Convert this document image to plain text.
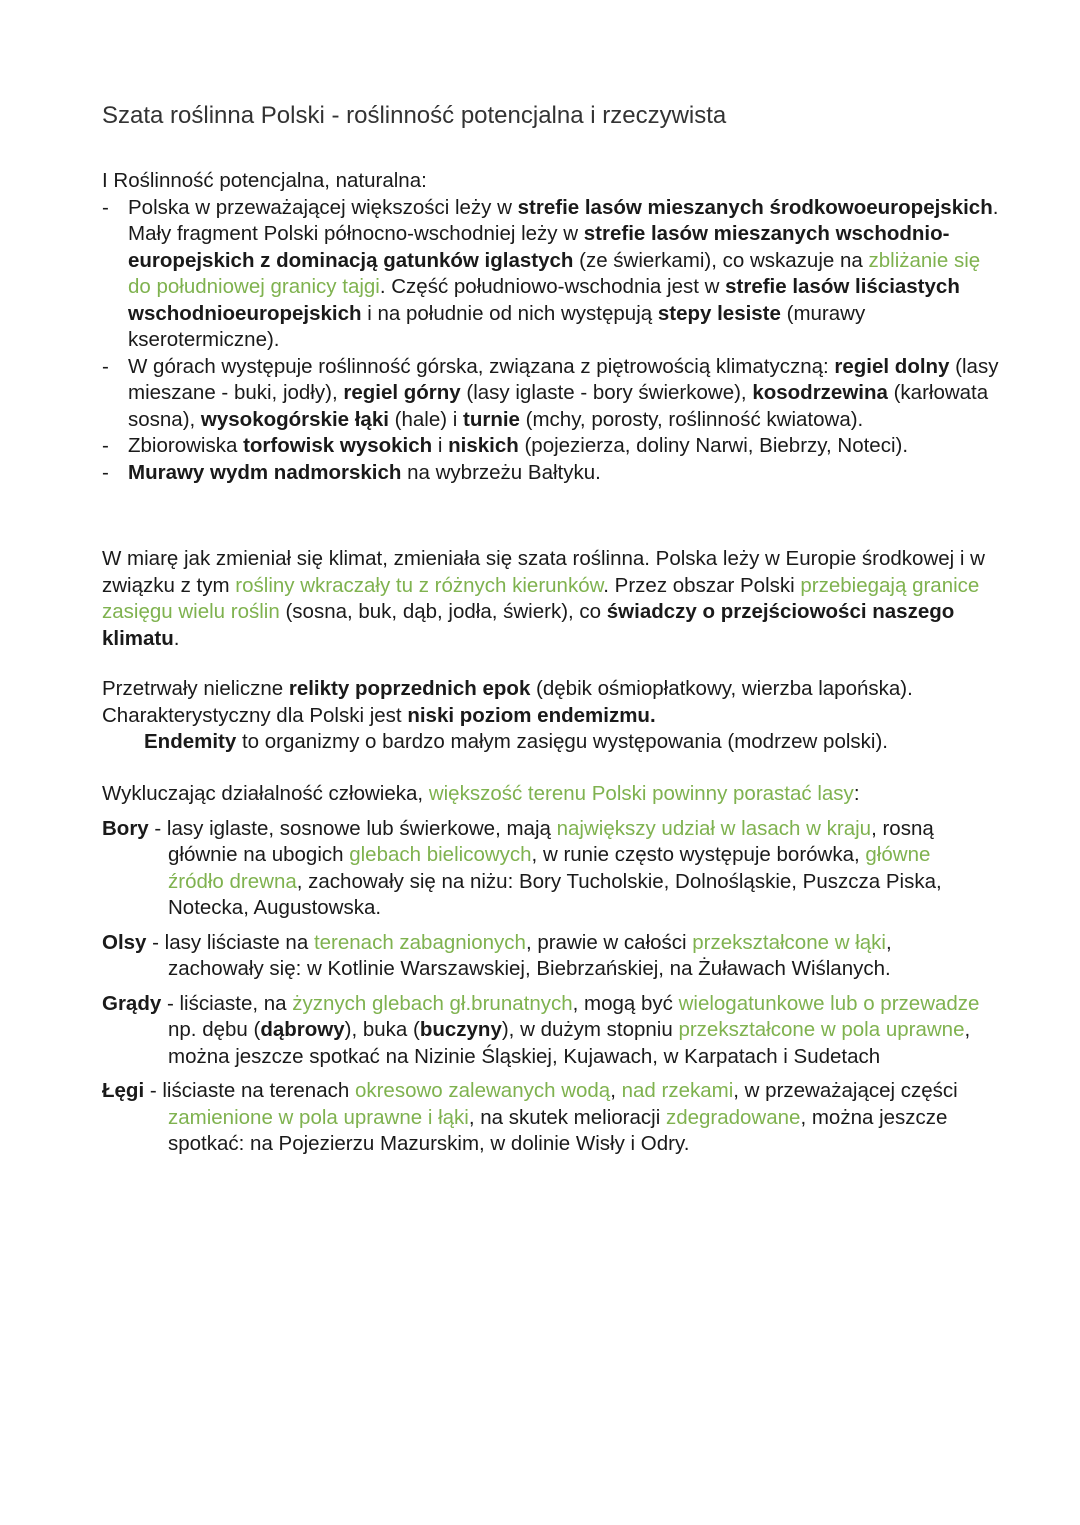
Szata roślinna Polski - roślinność potencjalna i rzeczywista

I Roślinność potencjalna, naturalna:

- Polska w przeważającej większości leży w strefie lasów mieszanych środkowoeuropejskich. Mały fragment Polski północno-wschodniej leży w strefie lasów mieszanych wschodnio-europejskich z dominacją gatunków iglastych (ze świerkami), co wskazuje na zbliżanie się do południowej granicy tajgi. Część południowo-wschodnia jest w strefie lasów liściastych wschodnioeuropejskich i na południe od nich występują stepy lesiste (murawy kserotermiczne).
- W górach występuje roślinność górska, związana z piętrowością klimatyczną: regiel dolny (lasy mieszane - buki, jodły), regiel górny (lasy iglaste - bory świerkowe), kosodrzewina (karłowata sosna), wysokogórskie łąki (hale) i turnie (mchy, porosty, roślinność kwiatowa).
- Zbiorowiska torfowisk wysokich i niskich (pojezierza, doliny Narwi, Biebrzy, Noteci).
- Murawy wydm nadmorskich na wybrzeżu Bałtyku.

W miarę jak zmieniał się klimat, zmieniała się szata roślinna. Polska leży w Europie środkowej i w związku z tym rośliny wkraczały tu z różnych kierunków. Przez obszar Polski przebiegają granice zasięgu wielu roślin (sosna, buk, dąb, jodła, świerk), co świadczy o przejściowości naszego klimatu.

Przetrwały nieliczne relikty poprzednich epok (dębik ośmiopłatkowy, wierzba lapońska). Charakterystyczny dla Polski jest niski poziom endemizmu.

Endemity to organizmy o bardzo małym zasięgu występowania (modrzew polski).

Wykluczając działalność człowieka, większość terenu Polski powinny porastać lasy:

Bory - lasy iglaste, sosnowe lub świerkowe, mają największy udział w lasach w kraju, rosną głównie na ubogich glebach bielicowych, w runie często występuje borówka, główne źródło drewna, zachowały się na niżu: Bory Tucholskie, Dolnośląskie, Puszcza Piska, Notecka, Augustowska.

Olsy - lasy liściaste na terenach zabagnionych, prawie w całości przekształcone w łąki, zachowały się: w Kotlinie Warszawskiej, Biebrzańskiej, na Żuławach Wiślanych.

Grądy - liściaste, na żyznych glebach gł.brunatnych, mogą być wielogatunkowe lub o przewadze np. dębu (dąbrowy), buka (buczyny), w dużym stopniu przekształcone w pola uprawne, można jeszcze spotkać na Nizinie Śląskiej, Kujawach, w Karpatach i Sudetach

Łęgi - liściaste na terenach okresowo zalewanych wodą, nad rzekami, w przeważającej części zamienione w pola uprawne i łąki, na skutek melioracji zdegradowane, można jeszcze spotkać: na Pojezierzu Mazurskim, w dolinie Wisły i Odry.
